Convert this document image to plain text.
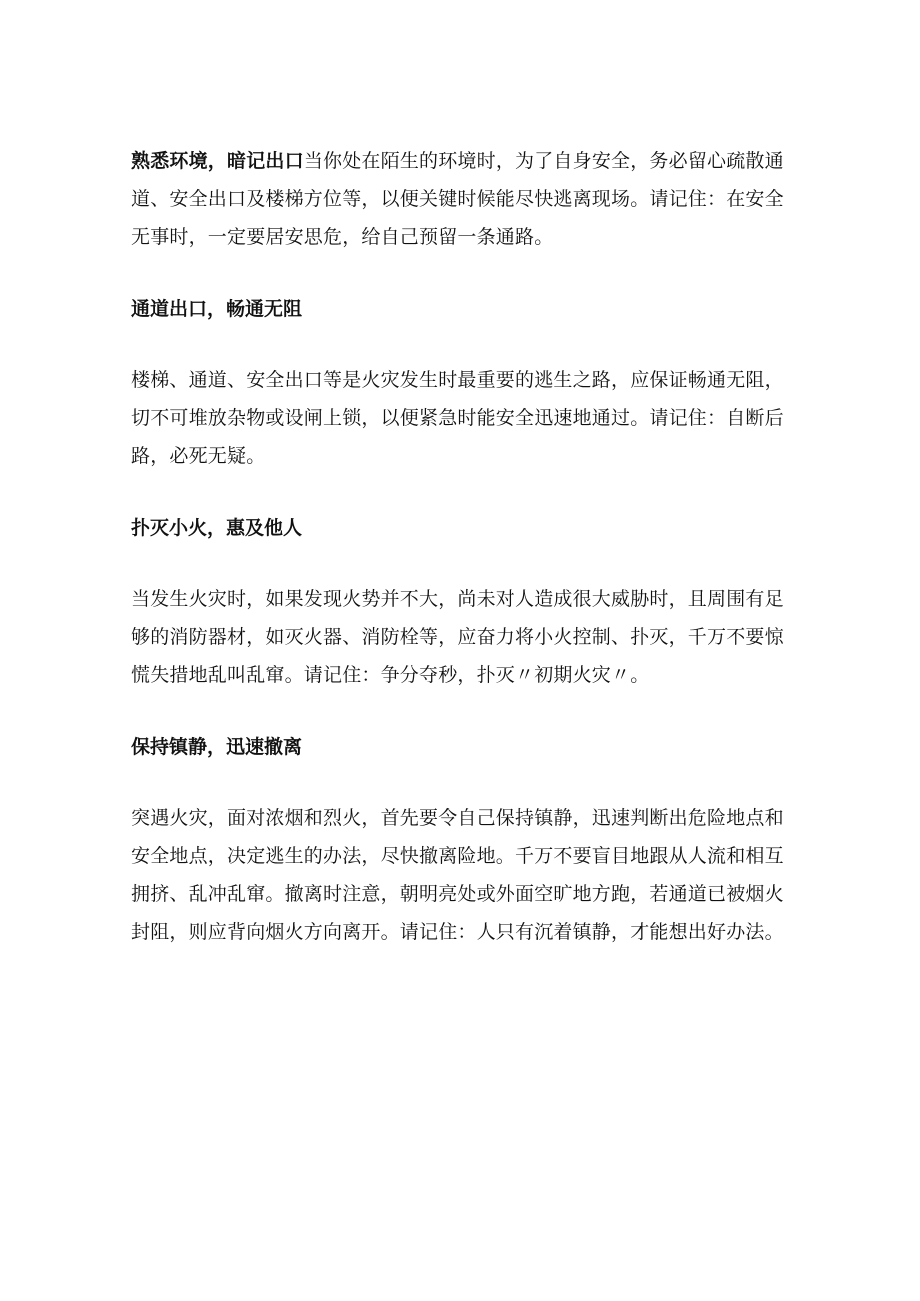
熟悉环境，暗记出口当你处在陌生的环境时，为了自身安全，务必留心疏散通道、安全出口及楼梯方位等，以便关键时候能尽快逃离现场。请记住：在安全无事时，一定要居安思危，给自己预留一条通路。

通道出口，畅通无阻

楼梯、通道、安全出口等是火灾发生时最重要的逃生之路，应保证畅通无阻，切不可堆放杂物或设闸上锁，以便紧急时能安全迅速地通过。请记住：自断后路，必死无疑。

扑灭小火，惠及他人

当发生火灾时，如果发现火势并不大，尚未对人造成很大威胁时，且周围有足够的消防器材，如灭火器、消防栓等，应奋力将小火控制、扑灭，千万不要惊慌失措地乱叫乱窜。请记住：争分夺秒，扑灭〃初期火灾〃。

保持镇静，迅速撤离

突遇火灾，面对浓烟和烈火，首先要令自己保持镇静，迅速判断出危险地点和安全地点，决定逃生的办法，尽快撤离险地。千万不要盲目地跟从人流和相互拥挤、乱冲乱窜。撤离时注意，朝明亮处或外面空旷地方跑，若通道已被烟火封阻，则应背向烟火方向离开。请记住：人只有沉着镇静，才能想出好办法。
